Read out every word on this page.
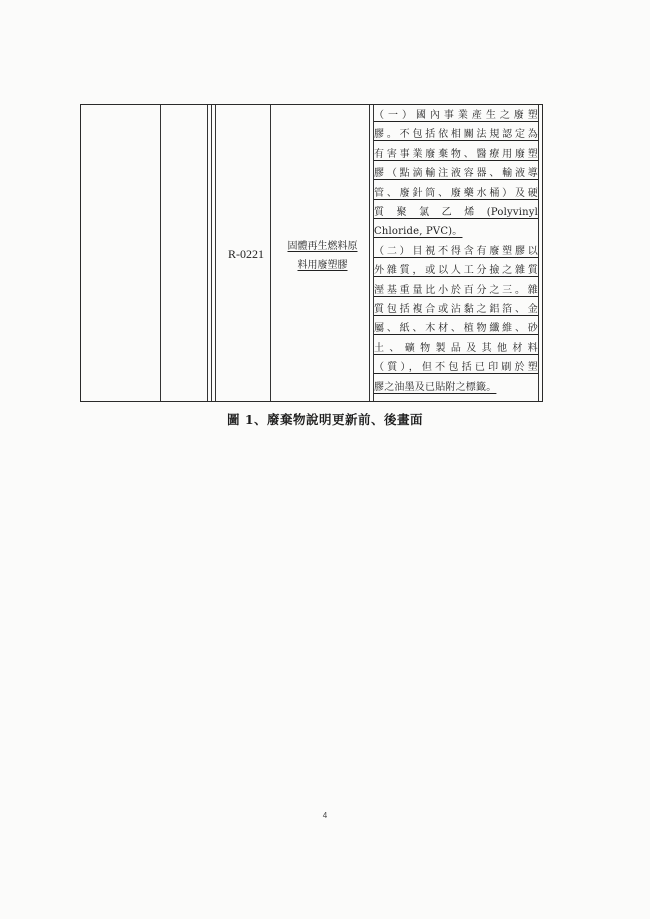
R-0221
固體再生燃料原
料用廢塑膠
（一）國內事業產生之廢塑
膠。不包括依相關法規認定為
有害事業廢棄物、醫療用廢塑
膠（點滴輸注液容器、輸液導
管、廢針筒、廢藥水桶）及硬
質 聚 氯 乙 烯 (Polyvinyl
Chloride, PVC)。
（二）目視不得含有廢塑膠以
外雜質，或以人工分撿之雜質
溼基重量比小於百分之三。雜
質包括複合或沾黏之鋁箔、金
屬、紙、木材、植物纖維、砂
土、礦物製品及其他材料
（質），但不包括已印刷於塑
膠之油墨及已貼附之標籤。
圖 1、廢棄物說明更新前、後畫面
4
